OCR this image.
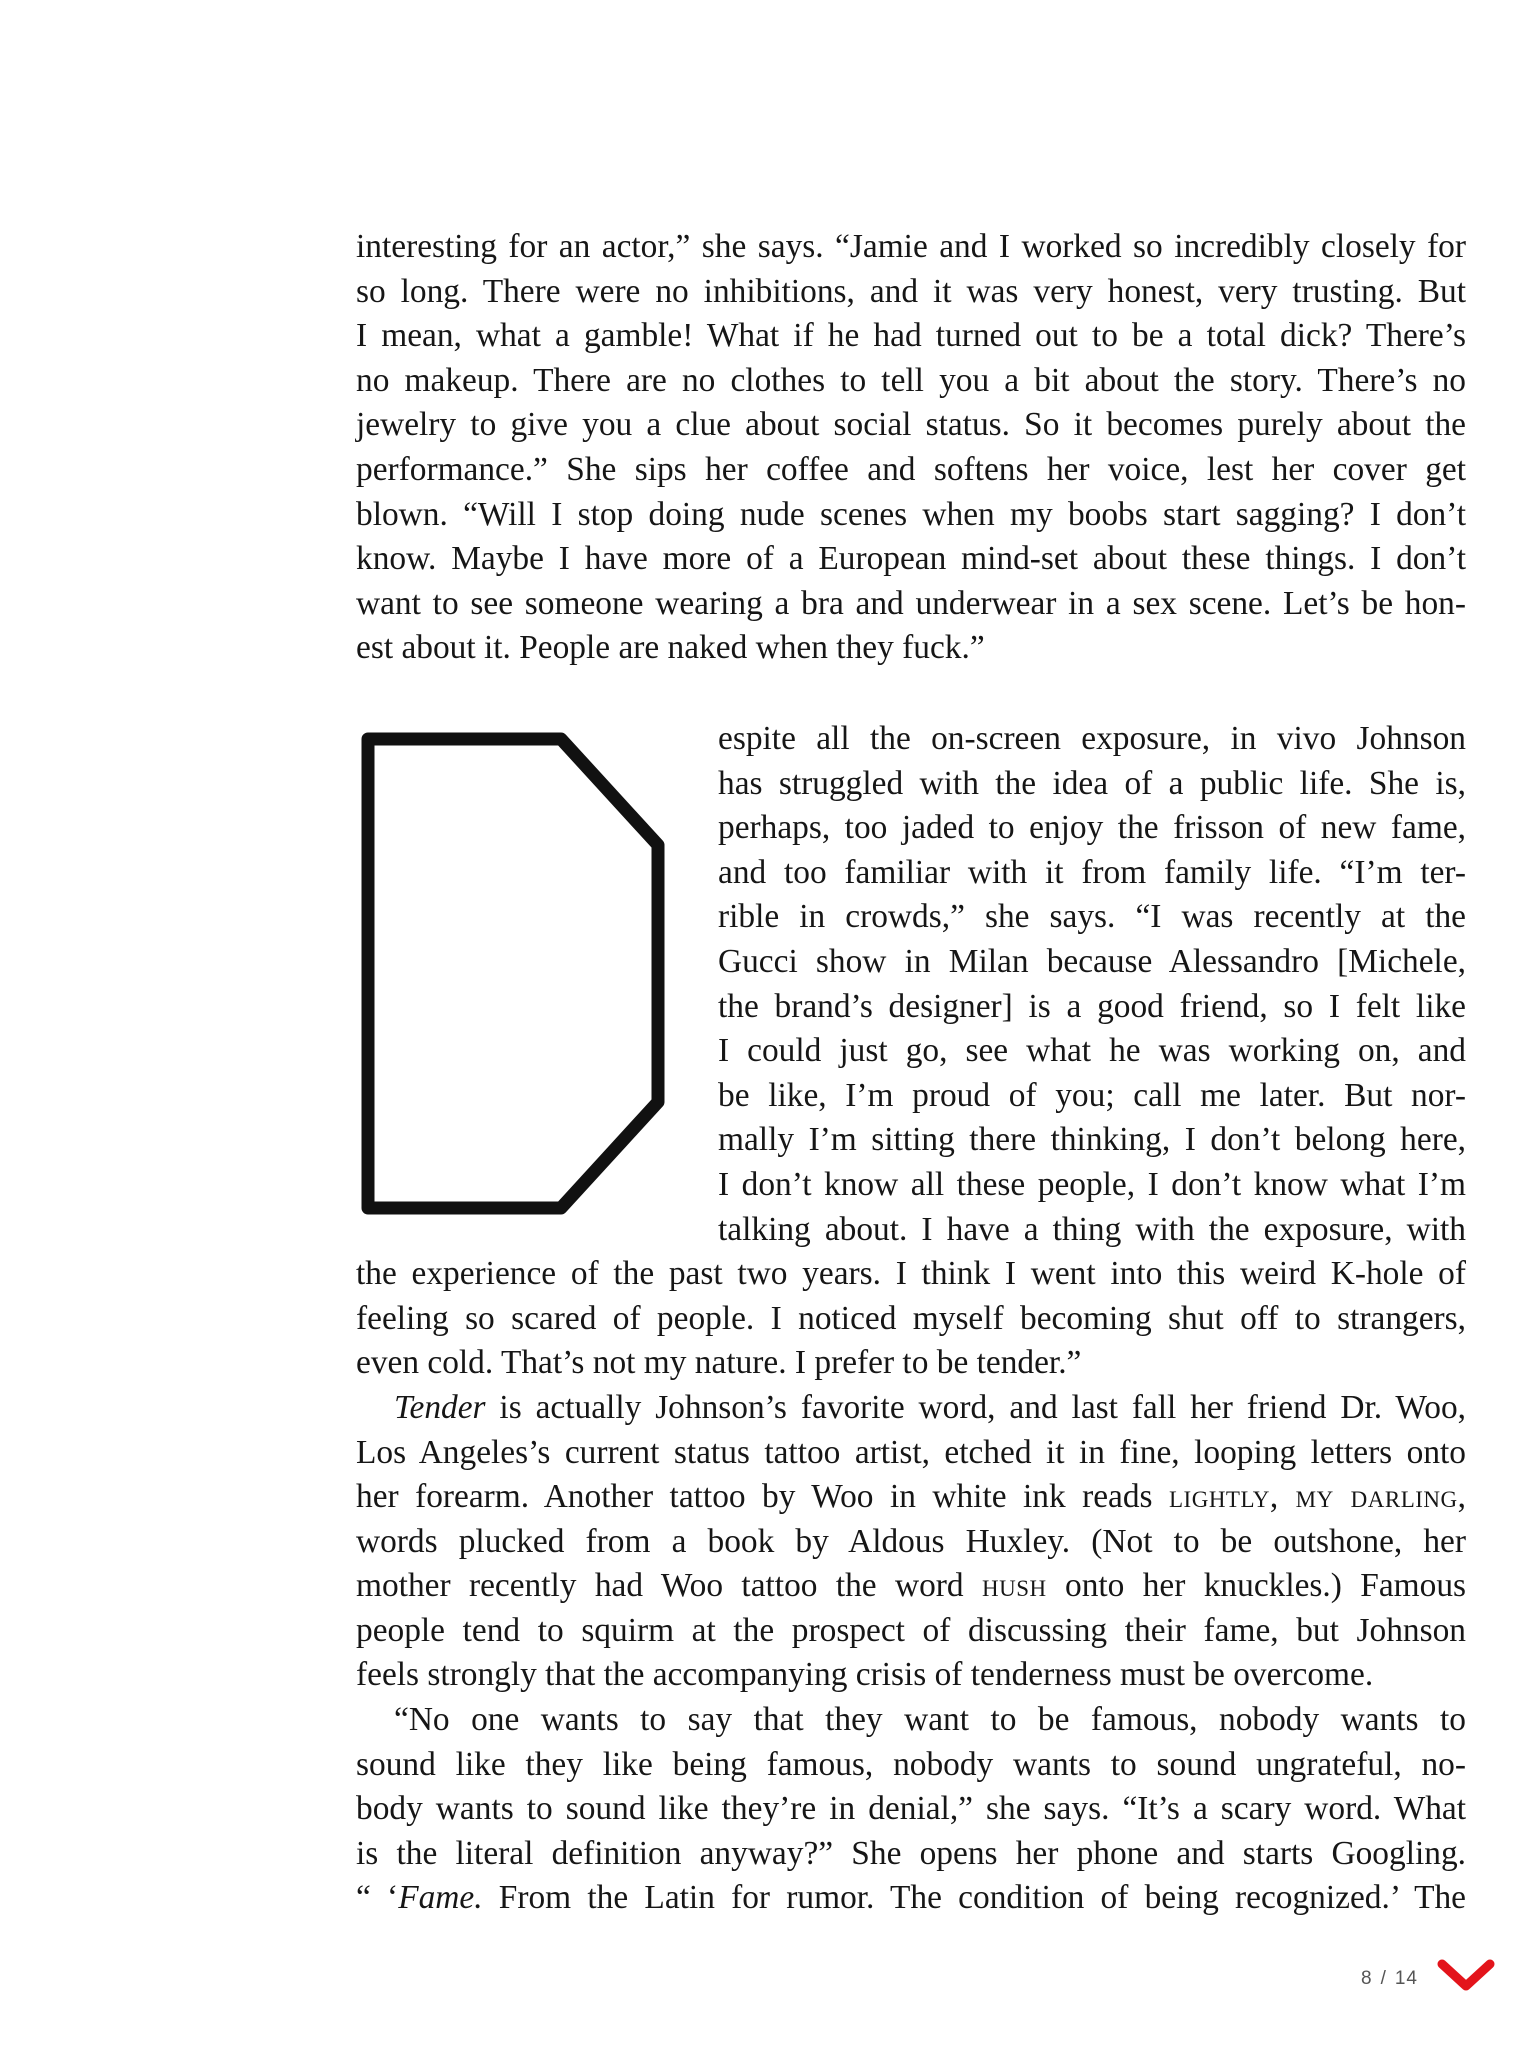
interesting for an actor,” she says. “Jamie and I worked so incredibly closely for
so long. There were no inhibitions, and it was very honest, very trusting. But
I mean, what a gamble! What if he had turned out to be a total dick? There’s
no makeup. There are no clothes to tell you a bit about the story. There’s no
jewelry to give you a clue about social status. So it becomes purely about the
performance.” She sips her coffee and softens her voice, lest her cover get
blown. “Will I stop doing nude scenes when my boobs start sagging? I don’t
know. Maybe I have more of a European mind-set about these things. I don’t
want to see someone wearing a bra and underwear in a sex scene. Let’s be hon-
est about it. People are naked when they fuck.”

espite all the on-screen exposure, in vivo Johnson
has struggled with the idea of a public life. She is,
perhaps, too jaded to enjoy the frisson of new fame,
and too familiar with it from family life. “I’m ter-
rible in crowds,” she says. “I was recently at the
Gucci show in Milan because Alessandro [Michele,
the brand’s designer] is a good friend, so I felt like
I could just go, see what he was working on, and
be like, I’m proud of you; call me later. But nor-
mally I’m sitting there thinking, I don’t belong here,
I don’t know all these people, I don’t know what I’m
talking about. I have a thing with the exposure, with
the experience of the past two years. I think I went into this weird K-hole of
feeling so scared of people. I noticed myself becoming shut off to strangers,
even cold. That’s not my nature. I prefer to be tender.”

Tender is actually Johnson’s favorite word, and last fall her friend Dr. Woo,
Los Angeles’s current status tattoo artist, etched it in fine, looping letters onto
her forearm. Another tattoo by Woo in white ink reads lightly, my darling,
words plucked from a book by Aldous Huxley. (Not to be outshone, her
mother recently had Woo tattoo the word hush onto her knuckles.) Famous
people tend to squirm at the prospect of discussing their fame, but Johnson
feels strongly that the accompanying crisis of tenderness must be overcome.

“No one wants to say that they want to be famous, nobody wants to
sound like they like being famous, nobody wants to sound ungrateful, no-
body wants to sound like they’re in denial,” she says. “It’s a scary word. What
is the literal definition anyway?” She opens her phone and starts Googling.
“ ‘Fame. From the Latin for rumor. The condition of being recognized.’ The

8 / 14
